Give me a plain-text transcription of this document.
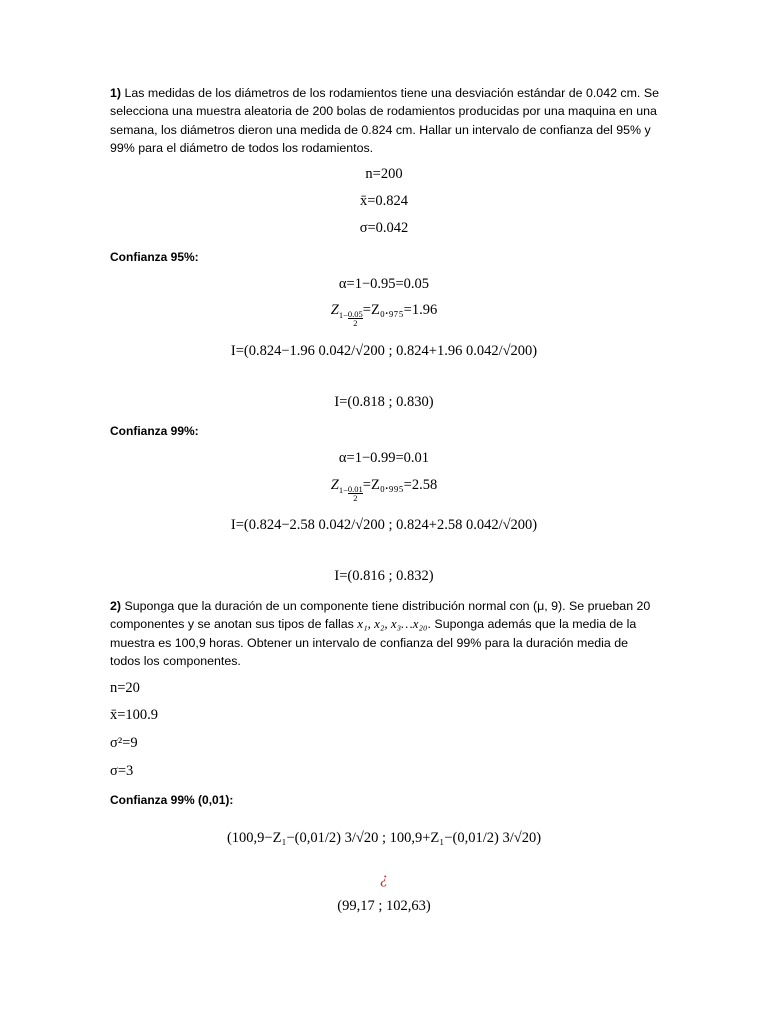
1) Las medidas de los diámetros de los rodamientos tiene una desviación estándar de 0.042 cm. Se selecciona una muestra aleatoria de 200 bolas de rodamientos producidas por una maquina en una semana, los diámetros dieron una medida de 0.824 cm. Hallar un intervalo de confianza del 95% y 99% para el diámetro de todos los rodamientos.
n=200
x̄=0.824
σ=0.042
Confianza 95%:
α=1−0.95=0.05
$Z1- \frac{0.05}{2} =Z_0._{975}=1.96$
I=(0.824−1.96 0.042/√200 ; 0.824+1.96 0.042/√200)
I=(0.818 ; 0.830)
Confianza 99%:
α=1−0.99=0.01
$Z1- \frac{0.01}{2} =Z_0._{995}=2.58$
I=(0.824−2.58 0.042/√200 ; 0.824+2.58 0.042/√200)
I=(0.816 ; 0.832)
2) Suponga que la duración de un componente tiene distribución normal con (μ, 9). Se prueban 20 componentes y se anotan sus tipos de fallas x₁, x₂, x₃…x₂₀. Suponga además que la media de la muestra es 100,9 horas. Obtener un intervalo de confianza del 99% para la duración media de todos los componentes.
n=20
x̄=100.9
σ²=9
σ=3
Confianza 99% (0,01):
(100,9−Z₁−(0,01/2) 3/√20 ; 100,9+Z₁−(0,01/2) 3/√20)
¿
(99,17 ; 102,63)
